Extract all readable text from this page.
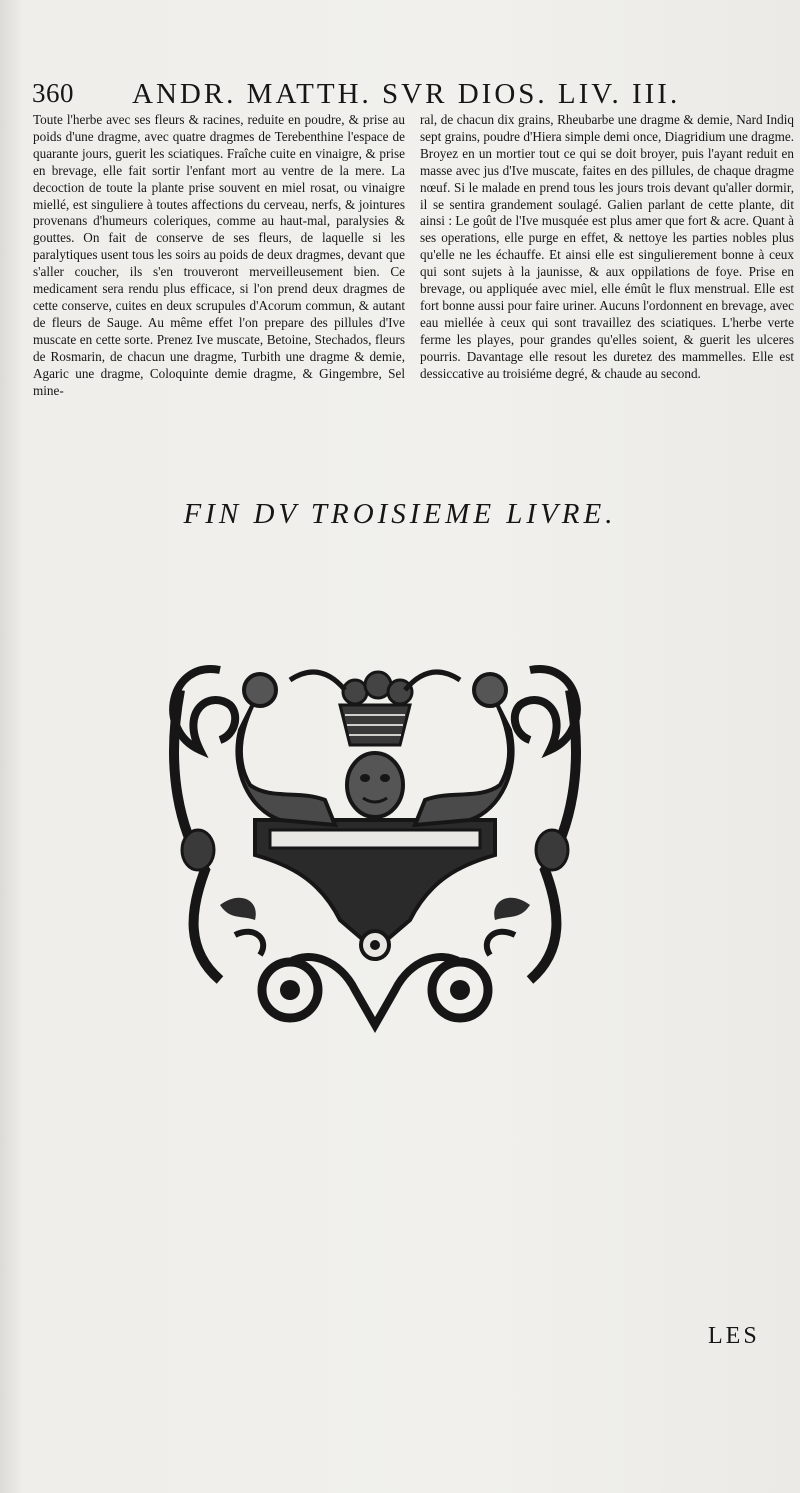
360 ANDR. MATTH. SVR DIOS. LIV. III.

Toute l'herbe avec ses fleurs & racines, reduite en poudre, & prise au poids d'une dragme, avec quatre dragmes de Terebenthine l'espace de quarante jours, guerit les sciatiques. Fraîche cuite en vinaigre, & prise en brevage, elle fait sortir l'enfant mort au ventre de la mere. La decoction de toute la plante prise souvent en miel rosat, ou vinaigre miellé, est singuliere à toutes affections du cerveau, nerfs, & jointures provenans d'humeurs coleriques, comme au haut-mal, paralysies & gouttes. On fait de conserve de ses fleurs, de laquelle si les paralytiques usent tous les soirs au poids de deux dragmes, devant que s'aller coucher, ils s'en trouveront merveilleusement bien. Ce medicament sera rendu plus efficace, si l'on prend deux dragmes de cette conserve, cuites en deux scrupules d'Acorum commun, & autant de fleurs de Sauge. Au même effet l'on prepare des pillules d'Ive muscate en cette sorte. Prenez Ive muscate, Betoine, Stechados, fleurs de Rosmarin, de chacun une dragme, Turbith une dragme & demie, Agaric une dragme, Coloquinte demie dragme, & Gingembre, Sel mine-

ral, de chacun dix grains, Rheubarbe une dragme & demie, Nard Indiq sept grains, poudre d'Hiera simple demi once, Diagridium une dragme. Broyez en un mortier tout ce qui se doit broyer, puis l'ayant reduit en masse avec jus d'Ive muscate, faites en des pillules, de chaque dragme nœuf. Si le malade en prend tous les jours trois devant qu'aller dormir, il se sentira grandement soulagé. Galien parlant de cette plante, dit ainsi : Le goût de l'Ive musquée est plus amer que fort & acre. Quant à ses operations, elle purge en effet, & nettoye les parties nobles plus qu'elle ne les échauffe. Et ainsi elle est singulierement bonne à ceux qui sont sujets à la jaunisse, & aux oppilations de foye. Prise en brevage, ou appliquée avec miel, elle émût le flux menstrual. Elle est fort bonne aussi pour faire uriner. Aucuns l'ordonnent en brevage, avec eau miellée à ceux qui sont travaillez des sciatiques. L'herbe verte ferme les playes, pour grandes qu'elles soient, & guerit les ulceres pourris. Davantage elle resout les duretez des mammelles. Elle est dessiccative au troisiéme degré, & chaude au second.

FIN DV TROISIEME LIVRE.
LES
